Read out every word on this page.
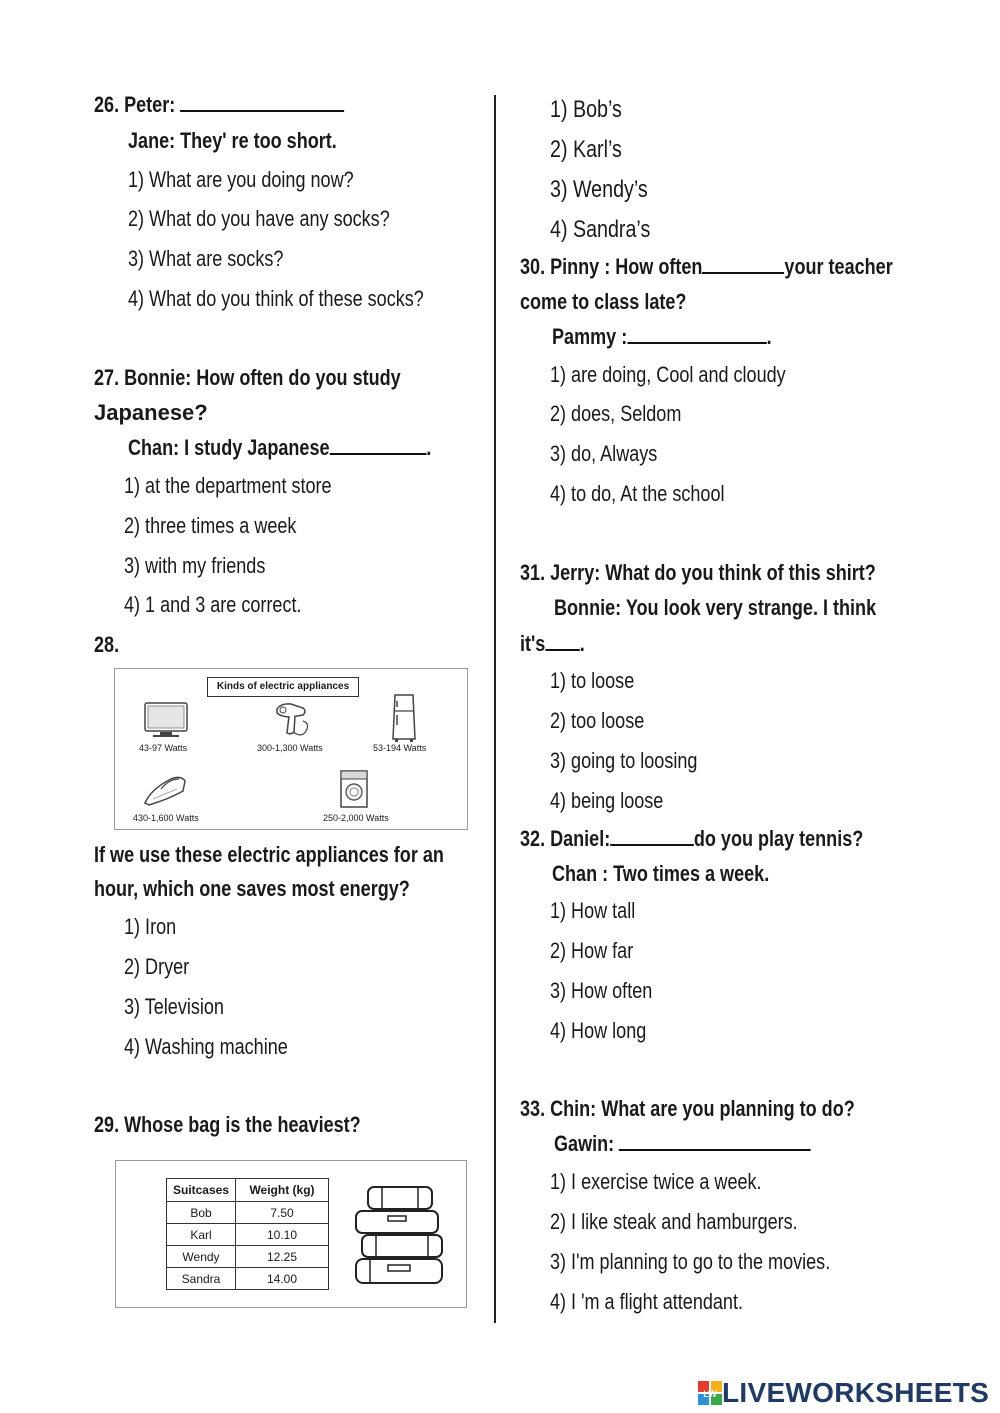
26. Peter:
Jane: They' re too short.
1) What are you doing now?
2) What do you have any socks?
3) What are socks?
4) What do you think of these socks?
27. Bonnie: How often do you study
Japanese?
Chan: I study Japanese	.
1) at the department store
2) three times a week
3) with my friends
4) 1 and 3 are correct.
28.
Kinds of electric appliances
43-97 Watts	300-1,300 Watts	53-194 Watts
430-1,600 Watts	250-2,000 Watts
If we use these electric appliances for an
hour, which one saves most energy?
1) Iron
2) Dryer
3) Television
4) Washing machine
29. Whose bag is the heaviest?
Suitcases	Weight (kg)
Bob	7.50
Karl	10.10
Wendy	12.25
Sandra	14.00
1) Bob’s
2) Karl’s
3) Wendy’s
4) Sandra’s
30. Pinny : How often	your teacher
come to class late?
Pammy :	.
1) are doing, Cool and cloudy
2) does, Seldom
3) do, Always
4) to do, At the school
31. Jerry: What do you think of this shirt?
Bonnie: You look very strange. I think
it's .
1) to loose
2) too loose
3) going to loosing
4) being loose
32. Daniel:	do you play tennis?
Chan : Two times a week.
1) How tall
2) How far
3) How often
4) How long
33. Chin: What are you planning to do?
Gawin:
1) I exercise twice a week.
2) I like steak and hamburgers.
3) I'm planning to go to the movies.
4) I 'm a flight attendant.
LW LIVEWORKSHEETS
